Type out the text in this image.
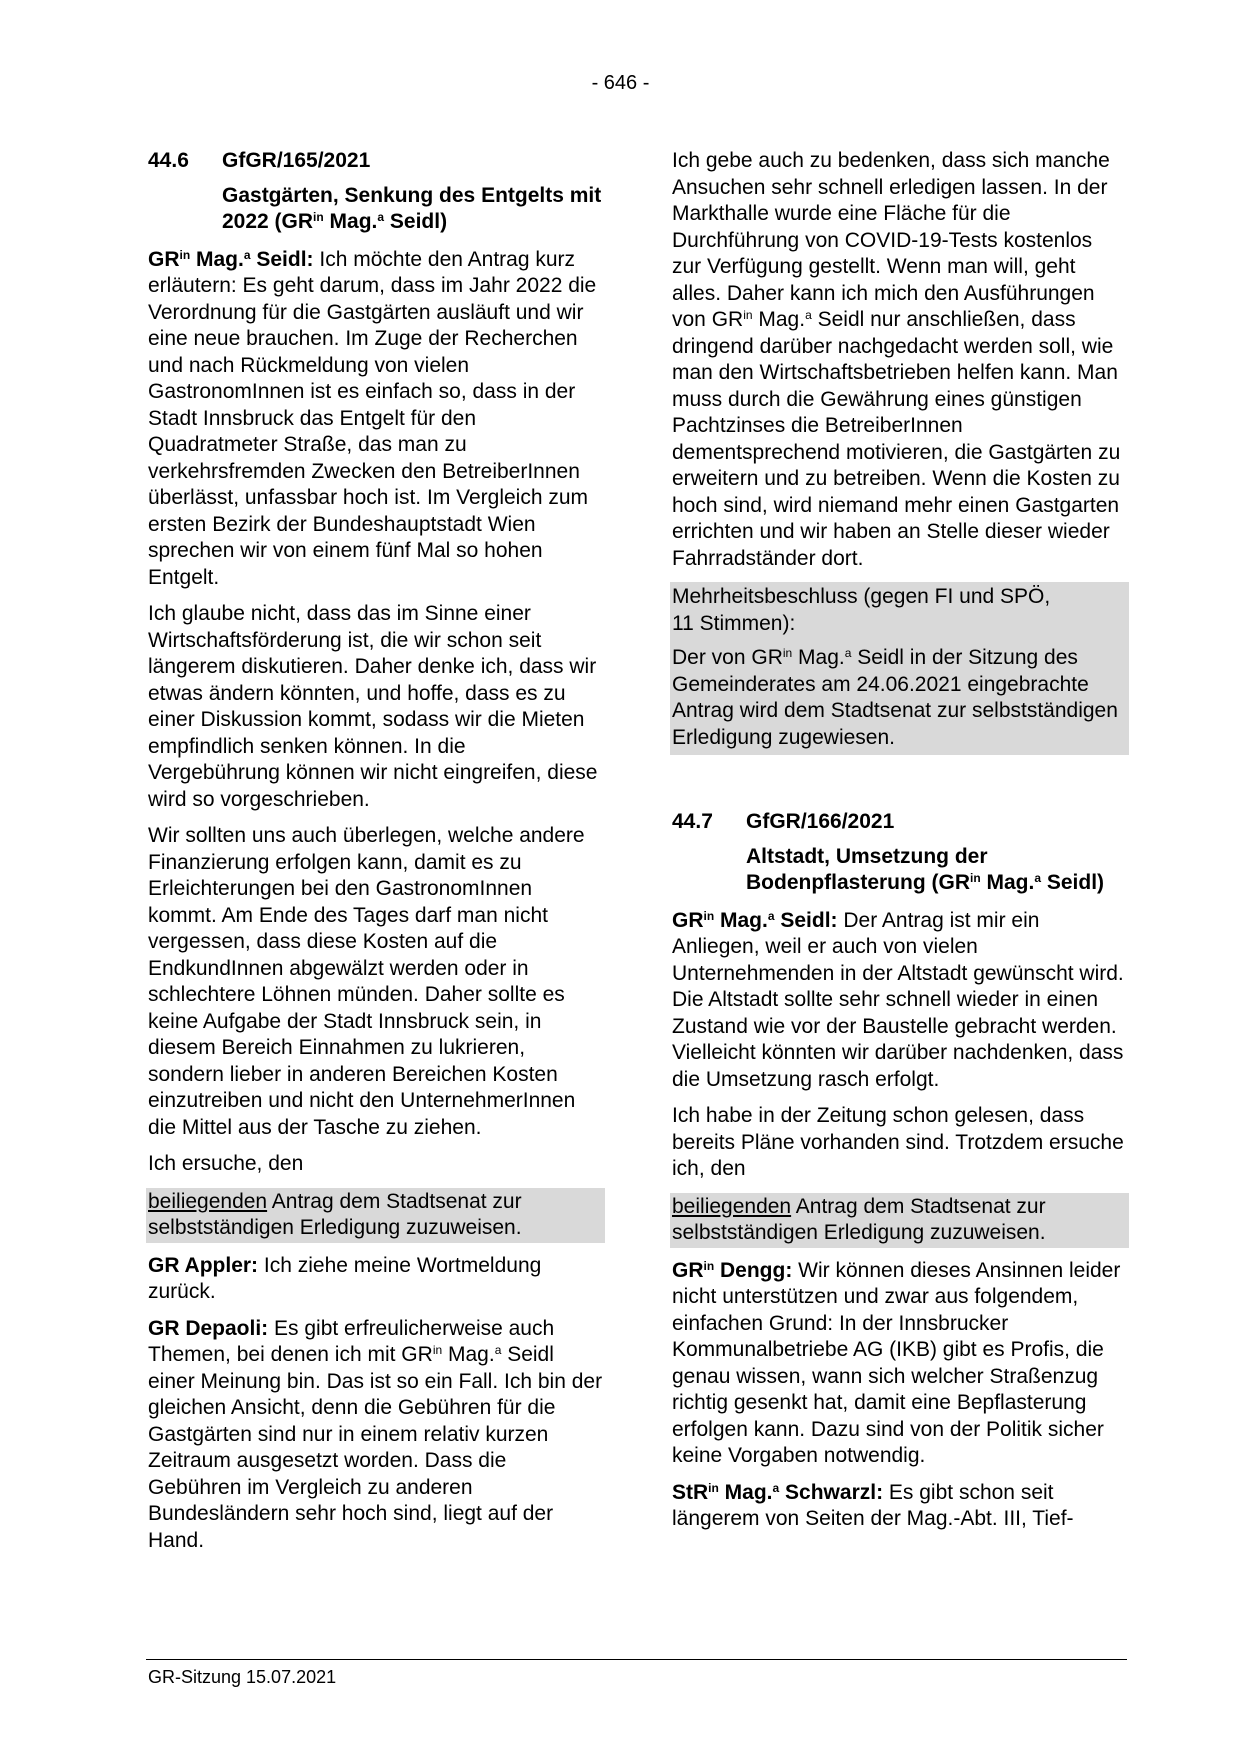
- 646 -
44.6	GfGR/165/2021
Gastgärten, Senkung des Entgelts mit 2022 ($GR^{in}$ Mag.$^a$ Seidl)

$GR^{in}$ Mag.$^a$ Seidl: Ich möchte den Antrag kurz erläutern: Es geht darum, dass im Jahr 2022 die Verordnung für die Gastgärten ausläuft und wir eine neue brauchen. Im Zuge der Recherchen und nach Rückmeldung von vielen GastronomInnen ist es einfach so, dass in der Stadt Innsbruck das Entgelt für den Quadratmeter Straße, das man zu verkehrsfremden Zwecken den BetreiberInnen überlässt, unfassbar hoch ist. Im Vergleich zum ersten Bezirk der Bundeshauptstadt Wien sprechen wir von einem fünf Mal so hohen Entgelt.

Ich glaube nicht, dass das im Sinne einer Wirtschaftsförderung ist, die wir schon seit längerem diskutieren. Daher denke ich, dass wir etwas ändern könnten, und hoffe, dass es zu einer Diskussion kommt, sodass wir die Mieten empfindlich senken können. In die Vergebührung können wir nicht eingreifen, diese wird so vorgeschrieben.

Wir sollten uns auch überlegen, welche andere Finanzierung erfolgen kann, damit es zu Erleichterungen bei den GastronomInnen kommt. Am Ende des Tages darf man nicht vergessen, dass diese Kosten auf die EndkundInnen abgewälzt werden oder in schlechtere Löhnen münden. Daher sollte es keine Aufgabe der Stadt Innsbruck sein, in diesem Bereich Einnahmen zu lukrieren, sondern lieber in anderen Bereichen Kosten einzutreiben und nicht den UnternehmerInnen die Mittel aus der Tasche zu ziehen.

Ich ersuche, den

beiliegenden Antrag dem Stadtsenat zur selbstständigen Erledigung zuzuweisen.

GR Appler: Ich ziehe meine Wortmeldung zurück.

GR Depaoli: Es gibt erfreulicherweise auch Themen, bei denen ich mit $GR^{in}$ Mag.$^a$ Seidl einer Meinung bin. Das ist so ein Fall. Ich bin der gleichen Ansicht, denn die Gebühren für die Gastgärten sind nur in einem relativ kurzen Zeitraum ausgesetzt worden. Dass die Gebühren im Vergleich zu anderen Bundesländern sehr hoch sind, liegt auf der Hand.

Ich gebe auch zu bedenken, dass sich manche Ansuchen sehr schnell erledigen lassen. In der Markthalle wurde eine Fläche für die Durchführung von COVID-19-Tests kostenlos zur Verfügung gestellt. Wenn man will, geht alles. Daher kann ich mich den Ausführungen von $GR^{in}$ Mag.$^a$ Seidl nur anschließen, dass dringend darüber nachgedacht werden soll, wie man den Wirtschaftsbetrieben helfen kann. Man muss durch die Gewährung eines günstigen Pachtzinses die BetreiberInnen dementsprechend motivieren, die Gastgärten zu erweitern und zu betreiben. Wenn die Kosten zu hoch sind, wird niemand mehr einen Gastgarten errichten und wir haben an Stelle dieser wieder Fahrradständer dort.

Mehrheitsbeschluss (gegen FI und SPÖ,
11 Stimmen):

Der von $GR^{in}$ Mag.$^a$ Seidl in der Sitzung des Gemeinderates am 24.06.2021 eingebrachte Antrag wird dem Stadtsenat zur selbstständigen Erledigung zugewiesen.

44.7	GfGR/166/2021
Altstadt, Umsetzung der Bodenpflasterung ($GR^{in}$ Mag.$^a$ Seidl)

$GR^{in}$ Mag.$^a$ Seidl: Der Antrag ist mir ein Anliegen, weil er auch von vielen Unternehmenden in der Altstadt gewünscht wird. Die Altstadt sollte sehr schnell wieder in einen Zustand wie vor der Baustelle gebracht werden. Vielleicht könnten wir darüber nachdenken, dass die Umsetzung rasch erfolgt.

Ich habe in der Zeitung schon gelesen, dass bereits Pläne vorhanden sind. Trotzdem ersuche ich, den

beiliegenden Antrag dem Stadtsenat zur selbstständigen Erledigung zuzuweisen.

$GR^{in}$ Dengg: Wir können dieses Ansinnen leider nicht unterstützen und zwar aus folgendem, einfachen Grund: In der Innsbrucker Kommunalbetriebe AG (IKB) gibt es Profis, die genau wissen, wann sich welcher Straßenzug richtig gesenkt hat, damit eine Bepflasterung erfolgen kann. Dazu sind von der Politik sicher keine Vorgaben notwendig.

StR$^{in}$ Mag.$^a$ Schwarzl: Es gibt schon seit längerem von Seiten der Mag.-Abt. III, Tief-

GR-Sitzung 15.07.2021
